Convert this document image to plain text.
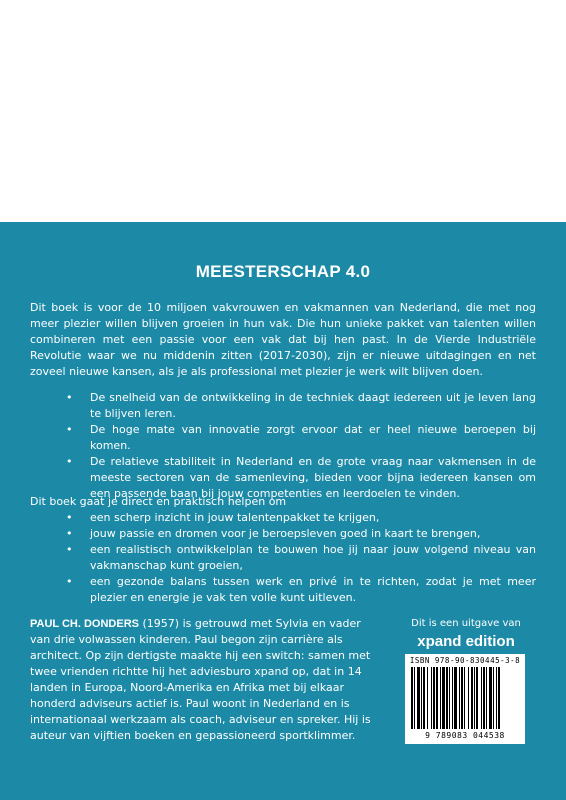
MEESTERSCHAP 4.0

Dit boek is voor de 10 miljoen vakvrouwen en vakmannen van Nederland, die met nog meer plezier willen blijven groeien in hun vak. Die hun unieke pakket van talenten willen combineren met een passie voor een vak dat bij hen past. In de Vierde Industriële Revolutie waar we nu middenin zitten (2017-2030), zijn er nieuwe uitdagingen en net zoveel nieuwe kansen, als je als professional met plezier je werk wilt blijven doen.

• De snelheid van de ontwikkeling in de techniek daagt iedereen uit je leven lang te blijven leren.
• De hoge mate van innovatie zorgt ervoor dat er heel nieuwe beroepen bij komen.
• De relatieve stabiliteit in Nederland en de grote vraag naar vakmensen in de meeste sectoren van de samenleving, bieden voor bijna iedereen kansen om een passende baan bij jouw competenties en leerdoelen te vinden.

Dit boek gaat je direct en praktisch helpen om

• een scherp inzicht in jouw talentenpakket te krijgen,
• jouw passie en dromen voor je beroepsleven goed in kaart te brengen,
• een realistisch ontwikkelplan te bouwen hoe jij naar jouw volgend niveau van vakmanschap kunt groeien,
• een gezonde balans tussen werk en privé in te richten, zodat je met meer plezier en energie je vak ten volle kunt uitleven.

PAUL CH. DONDERS (1957) is getrouwd met Sylvia en vader van drie volwassen kinderen. Paul begon zijn carrière als architect. Op zijn dertigste maakte hij een switch: samen met twee vrienden richtte hij het adviesburo xpand op, dat in 14 landen in Europa, Noord-Amerika en Afrika met bij elkaar honderd adviseurs actief is. Paul woont in Nederland en is internationaal werkzaam als coach, adviseur en spreker. Hij is auteur van vijftien boeken en gepassioneerd sportklimmer.

Dit is een uitgave van
xpand edition
ISBN 978-90-830445-3-8
9 789083 044538
